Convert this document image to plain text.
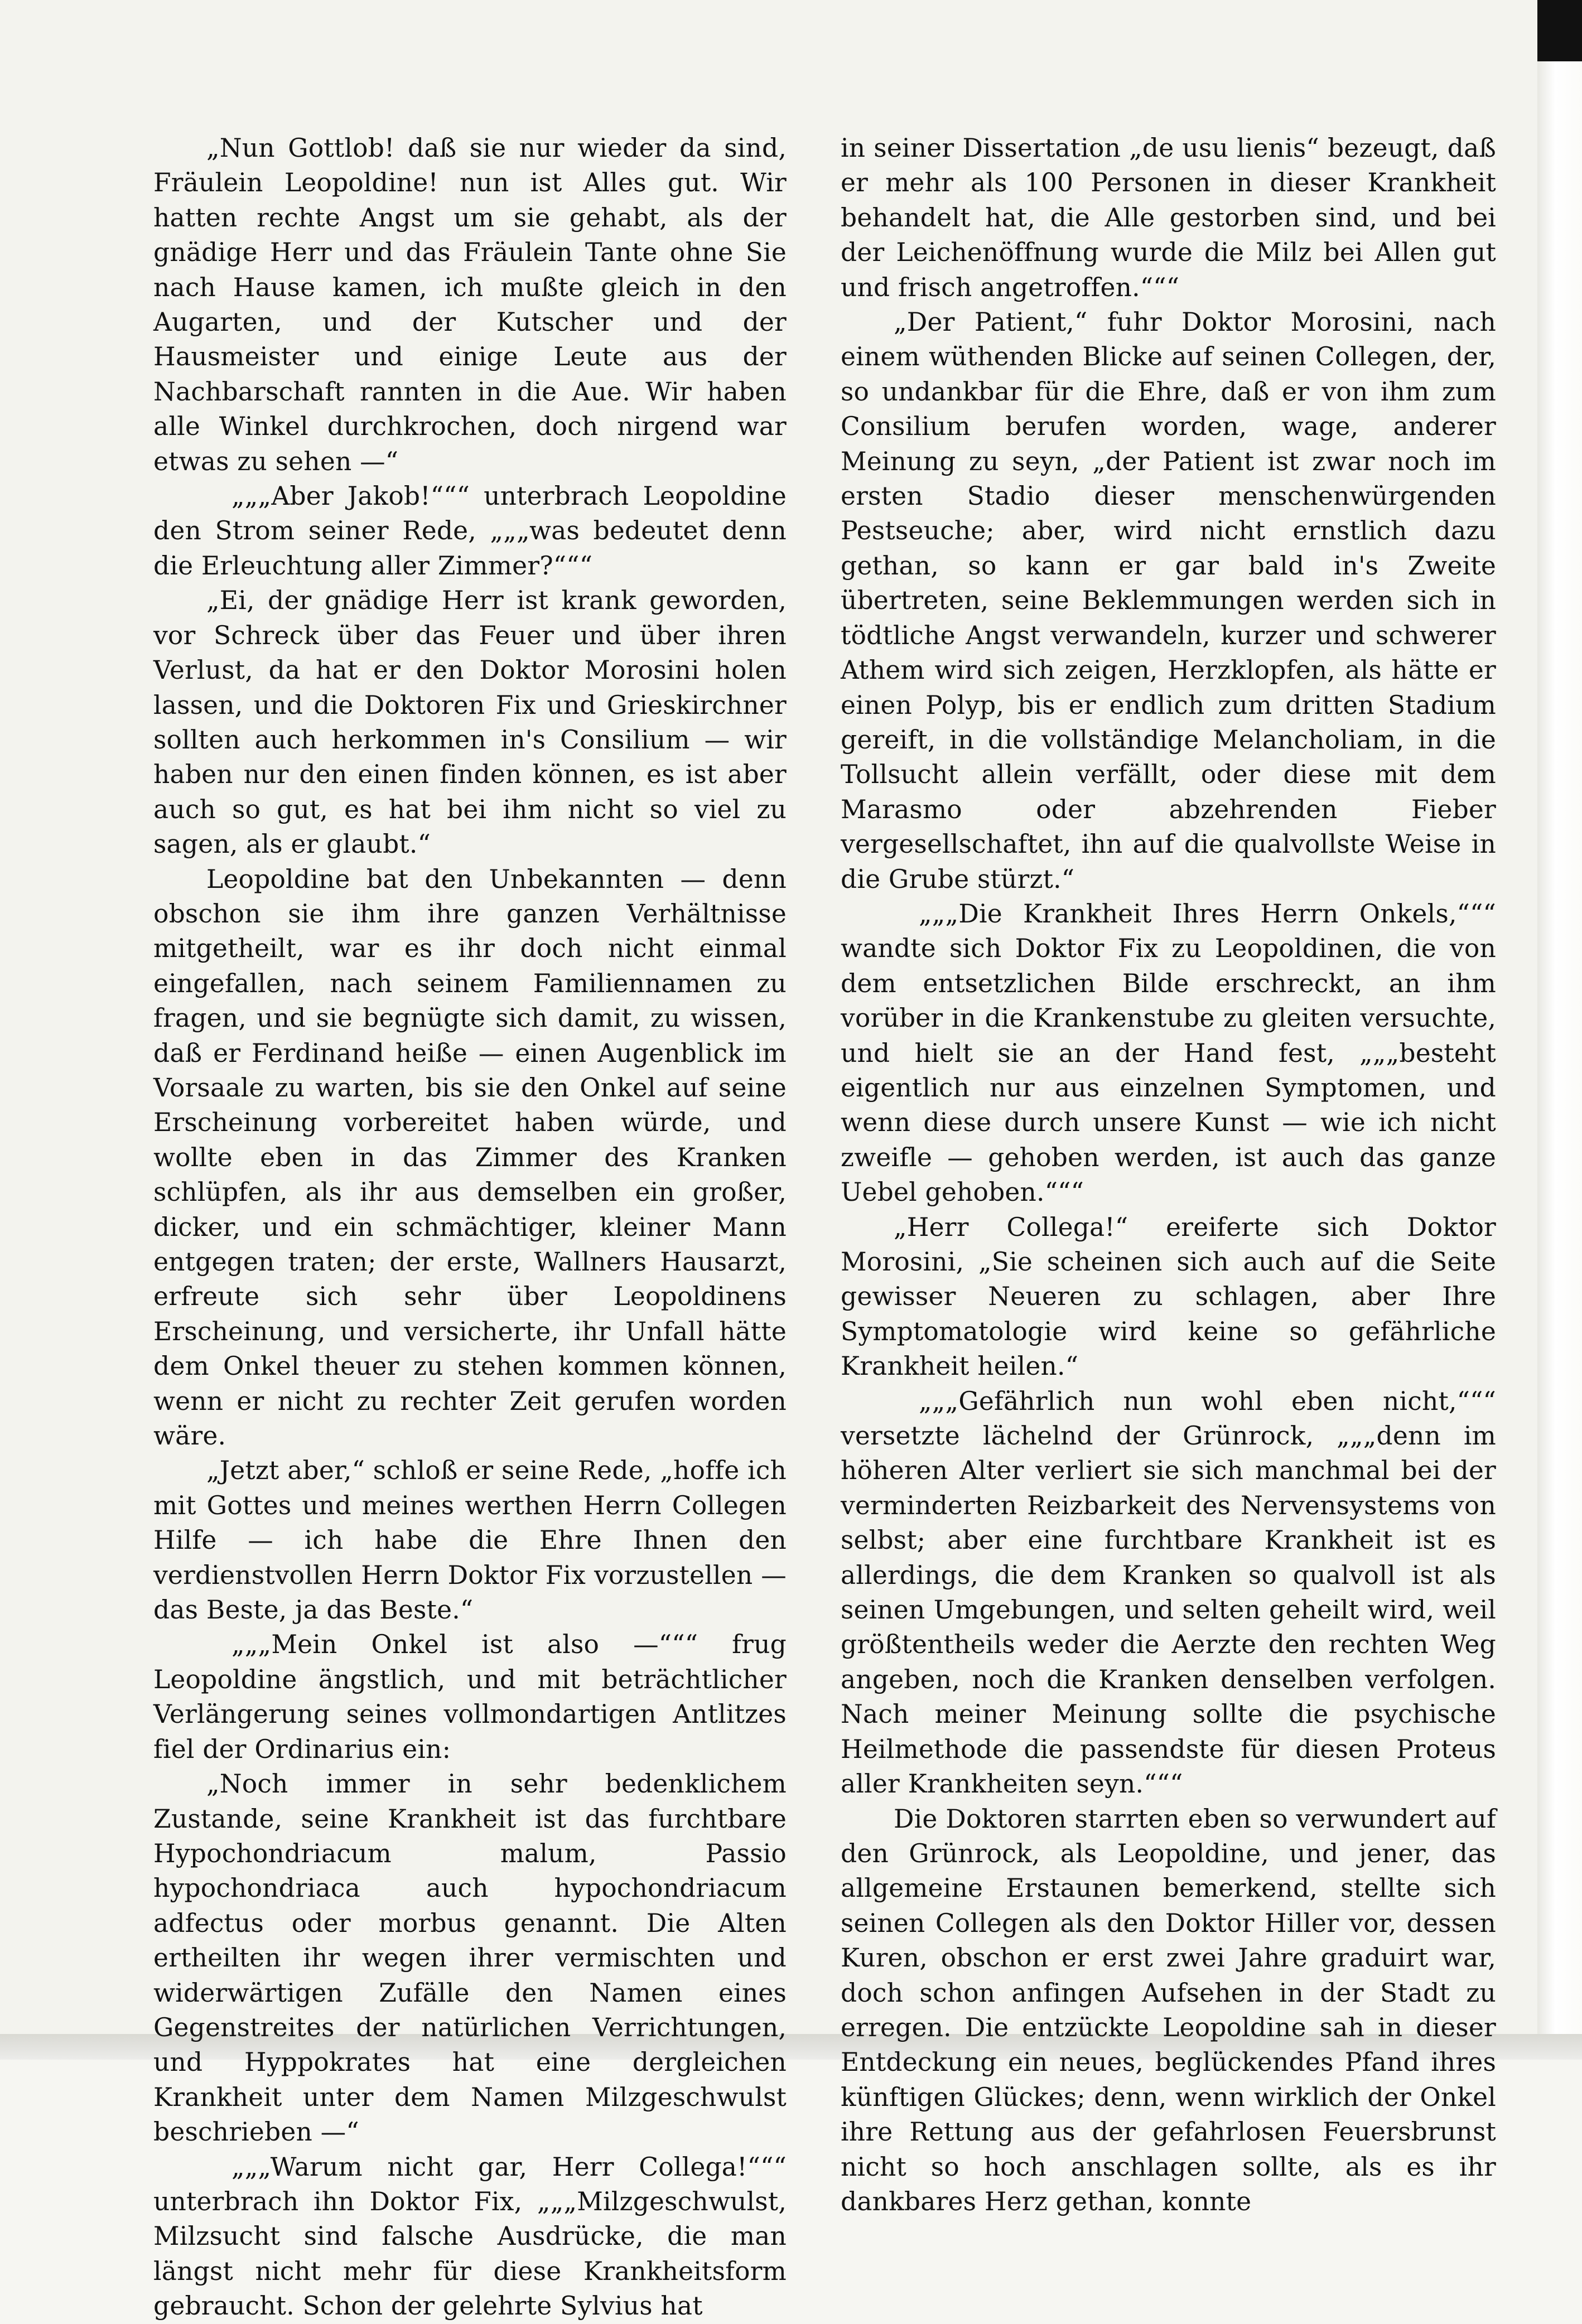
„Nun Gottlob! daß sie nur wieder da sind, Fräulein Leopoldine! nun ist Alles gut. Wir hatten rechte Angst um sie gehabt, als der gnädige Herr und das Fräulein Tante ohne Sie nach Hause kamen, ich mußte gleich in den Augarten, und der Kutscher und der Hausmeister und einige Leute aus der Nachbarschaft rannten in die Aue. Wir haben alle Winkel durchkrochen, doch nirgend war etwas zu sehen —“

„„„Aber Jakob!“““ unterbrach Leopoldine den Strom seiner Rede, „„„was bedeutet denn die Erleuchtung aller Zimmer?“““

„Ei, der gnädige Herr ist krank geworden, vor Schreck über das Feuer und über ihren Verlust, da hat er den Doktor Morosini holen lassen, und die Doktoren Fix und Grieskirchner sollten auch herkommen in's Consilium — wir haben nur den einen finden können, es ist aber auch so gut, es hat bei ihm nicht so viel zu sagen, als er glaubt.“

Leopoldine bat den Unbekannten — denn obschon sie ihm ihre ganzen Verhältnisse mitgetheilt, war es ihr doch nicht einmal eingefallen, nach seinem Familiennamen zu fragen, und sie begnügte sich damit, zu wissen, daß er Ferdinand heiße — einen Augenblick im Vorsaale zu warten, bis sie den Onkel auf seine Erscheinung vorbereitet haben würde, und wollte eben in das Zimmer des Kranken schlüpfen, als ihr aus demselben ein großer, dicker, und ein schmächtiger, kleiner Mann entgegen traten; der erste, Wallners Hausarzt, erfreute sich sehr über Leopoldinens Erscheinung, und versicherte, ihr Unfall hätte dem Onkel theuer zu stehen kommen können, wenn er nicht zu rechter Zeit gerufen worden wäre.

„Jetzt aber,“ schloß er seine Rede, „hoffe ich mit Gottes und meines werthen Herrn Collegen Hilfe — ich habe die Ehre Ihnen den verdienstvollen Herrn Doktor Fix vorzustellen — das Beste, ja das Beste.“

„„„Mein Onkel ist also —“““ frug Leopoldine ängstlich, und mit beträchtlicher Verlängerung seines vollmondartigen Antlitzes fiel der Ordinarius ein:

„Noch immer in sehr bedenklichem Zustande, seine Krankheit ist das furchtbare Hypochondriacum malum, Passio hypochondriaca auch hypochondriacum adfectus oder morbus genannt. Die Alten ertheilten ihr wegen ihrer vermischten und widerwärtigen Zufälle den Namen eines Gegenstreites der natürlichen Verrichtungen, und Hyppokrates hat eine dergleichen Krankheit unter dem Namen Milzgeschwulst beschrieben —“

„„„Warum nicht gar, Herr Collega!“““ unterbrach ihn Doktor Fix, „„„Milzgeschwulst, Milzsucht sind falsche Ausdrücke, die man längst nicht mehr für diese Krankheitsform gebraucht. Schon der gelehrte Sylvius hat

in seiner Dissertation „de usu lienis“ bezeugt, daß er mehr als 100 Personen in dieser Krankheit behandelt hat, die Alle gestorben sind, und bei der Leichenöffnung wurde die Milz bei Allen gut und frisch angetroffen.“““

„Der Patient,“ fuhr Doktor Morosini, nach einem wüthenden Blicke auf seinen Collegen, der, so undankbar für die Ehre, daß er von ihm zum Consilium berufen worden, wage, anderer Meinung zu seyn, „der Patient ist zwar noch im ersten Stadio dieser menschenwürgenden Pestseuche; aber, wird nicht ernstlich dazu gethan, so kann er gar bald in's Zweite übertreten, seine Beklemmungen werden sich in tödtliche Angst verwandeln, kurzer und schwerer Athem wird sich zeigen, Herzklopfen, als hätte er einen Polyp, bis er endlich zum dritten Stadium gereift, in die vollständige Melancholiam, in die Tollsucht allein verfällt, oder diese mit dem Marasmo oder abzehrenden Fieber vergesellschaftet, ihn auf die qualvollste Weise in die Grube stürzt.“

„„„Die Krankheit Ihres Herrn Onkels,“““ wandte sich Doktor Fix zu Leopoldinen, die von dem entsetzlichen Bilde erschreckt, an ihm vorüber in die Krankenstube zu gleiten versuchte, und hielt sie an der Hand fest, „„„besteht eigentlich nur aus einzelnen Symptomen, und wenn diese durch unsere Kunst — wie ich nicht zweifle — gehoben werden, ist auch das ganze Uebel gehoben.“““

„Herr Collega!“ ereiferte sich Doktor Morosini, „Sie scheinen sich auch auf die Seite gewisser Neueren zu schlagen, aber Ihre Symptomatologie wird keine so gefährliche Krankheit heilen.“

„„„Gefährlich nun wohl eben nicht,“““ versetzte lächelnd der Grünrock, „„„denn im höheren Alter verliert sie sich manchmal bei der verminderten Reizbarkeit des Nervensystems von selbst; aber eine furchtbare Krankheit ist es allerdings, die dem Kranken so qualvoll ist als seinen Umgebungen, und selten geheilt wird, weil größtentheils weder die Aerzte den rechten Weg angeben, noch die Kranken denselben verfolgen. Nach meiner Meinung sollte die psychische Heilmethode die passendste für diesen Proteus aller Krankheiten seyn.“““

Die Doktoren starrten eben so verwundert auf den Grünrock, als Leopoldine, und jener, das allgemeine Erstaunen bemerkend, stellte sich seinen Collegen als den Doktor Hiller vor, dessen Kuren, obschon er erst zwei Jahre graduirt war, doch schon anfingen Aufsehen in der Stadt zu erregen. Die entzückte Leopoldine sah in dieser Entdeckung ein neues, beglückendes Pfand ihres künftigen Glückes; denn, wenn wirklich der Onkel ihre Rettung aus der gefahrlosen Feuersbrunst nicht so hoch anschlagen sollte, als es ihr dankbares Herz gethan, konnte
